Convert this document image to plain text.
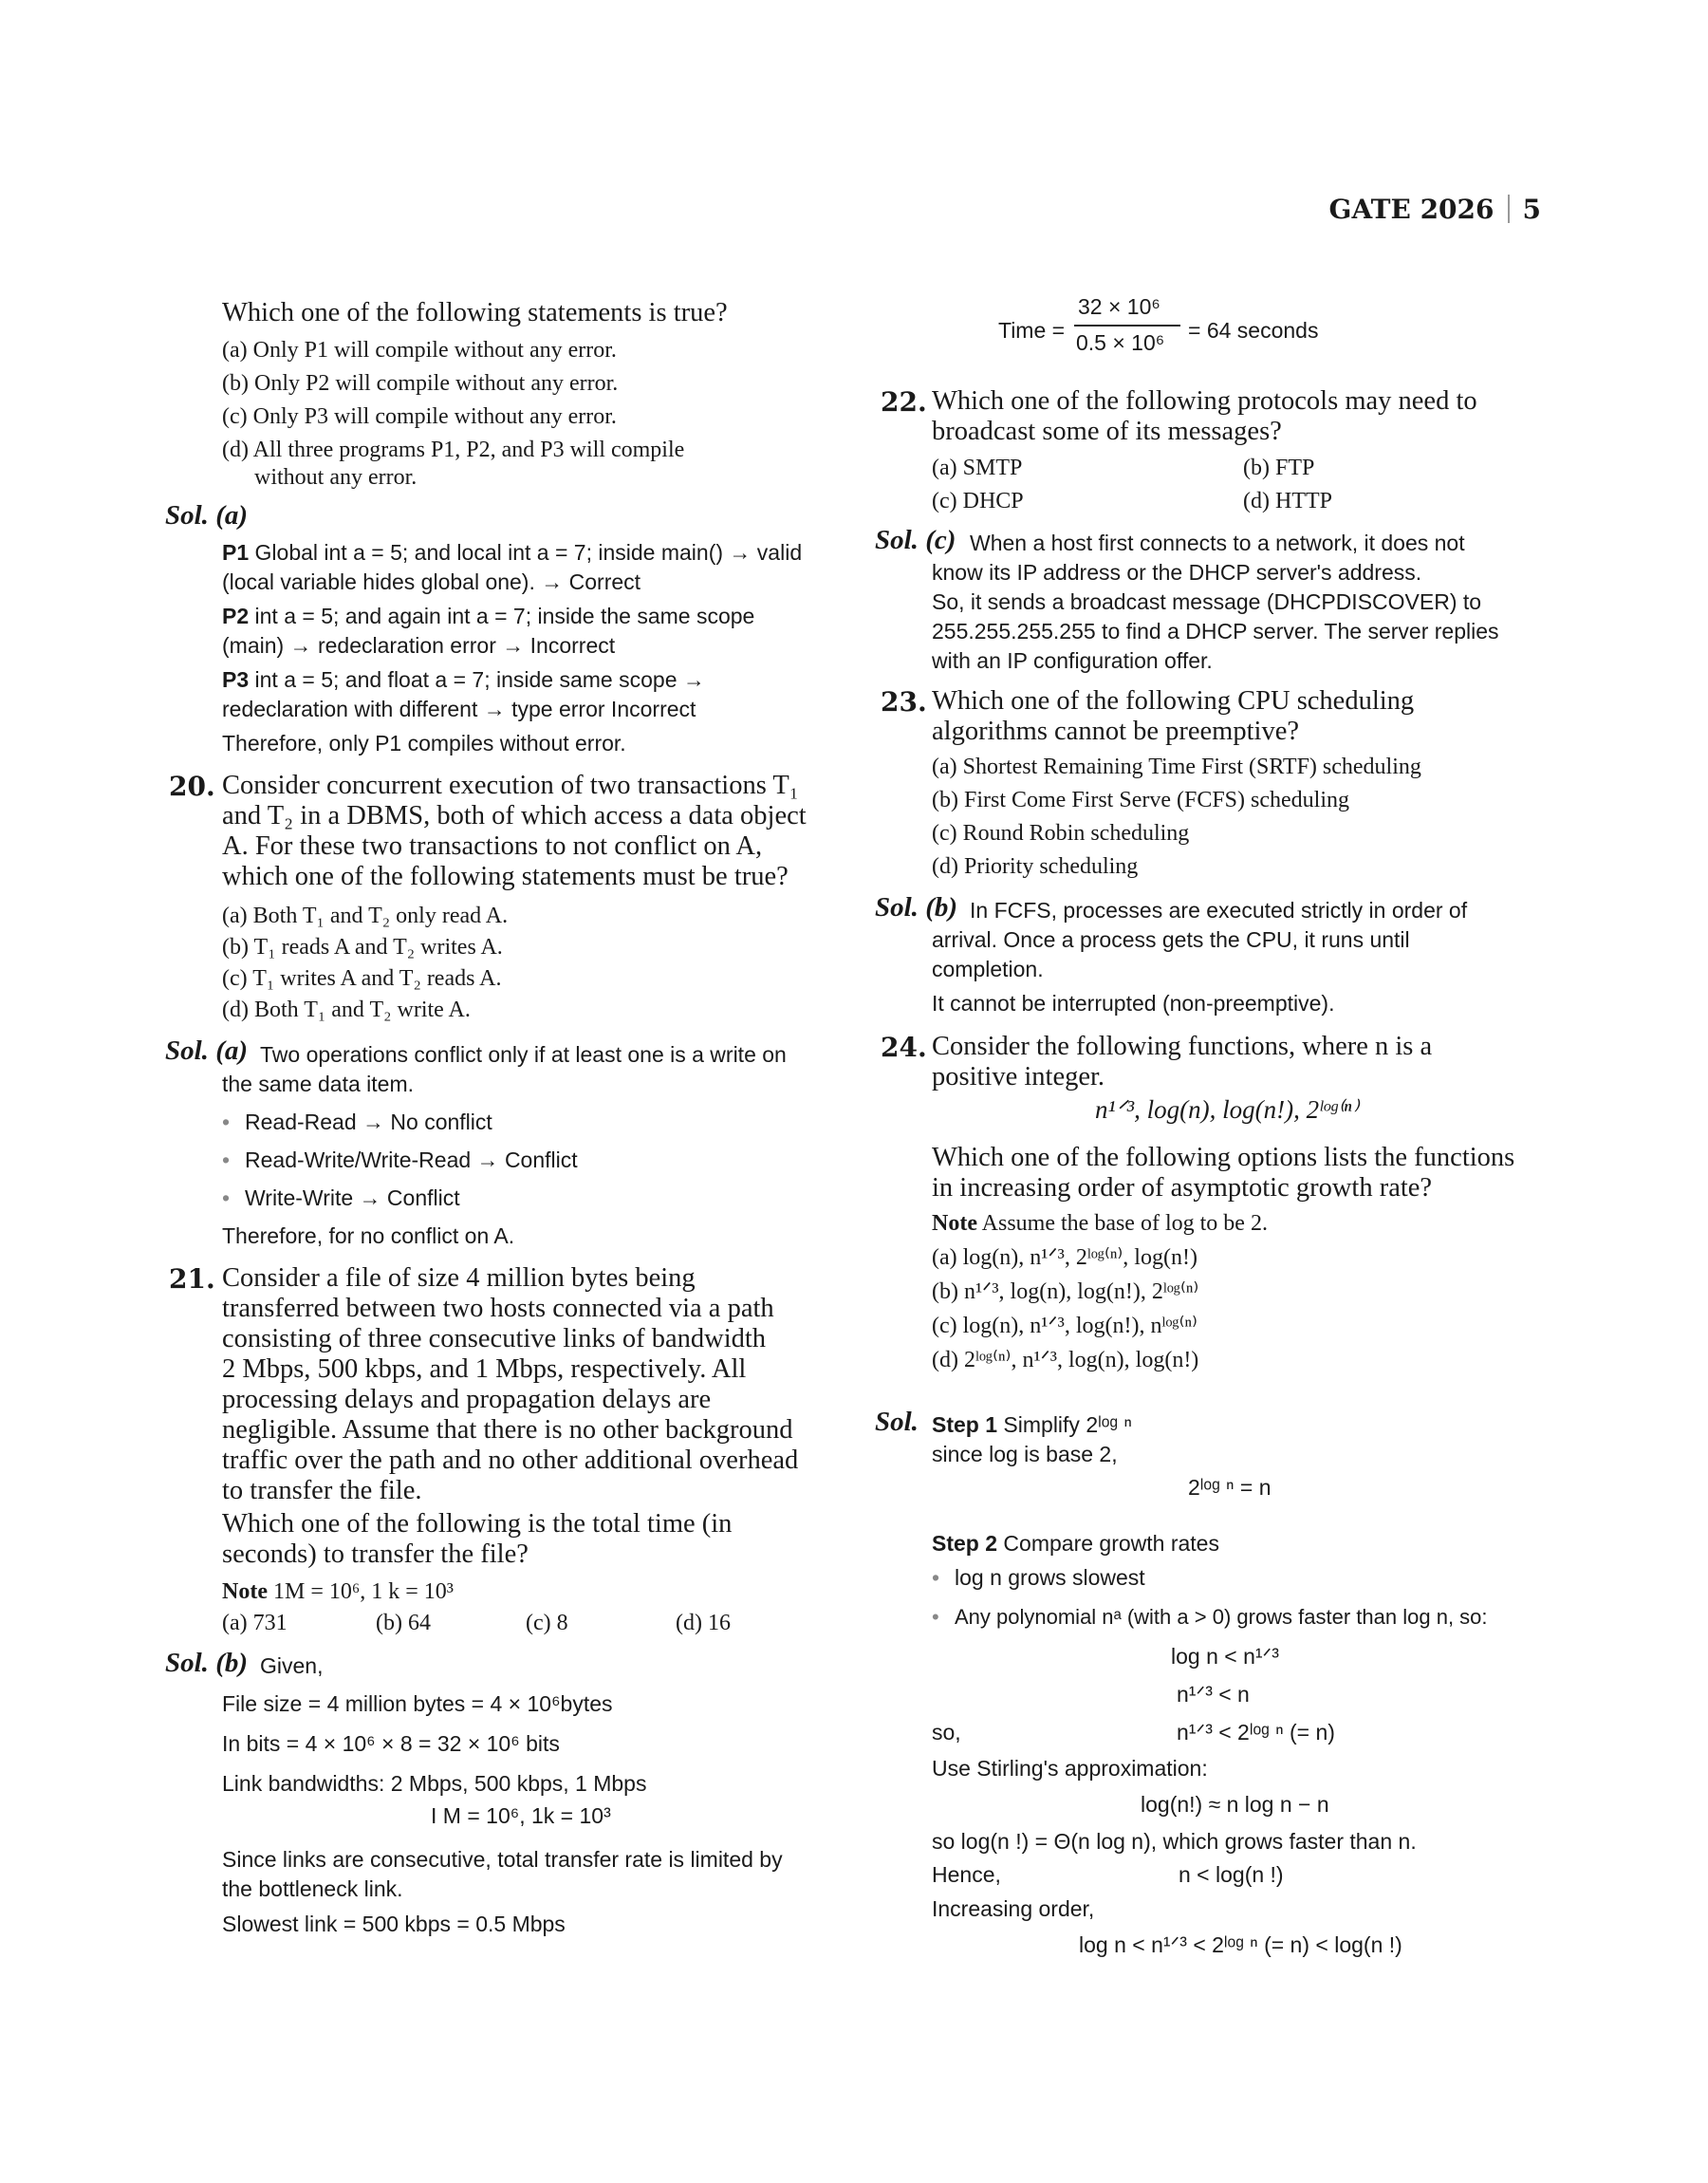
GATE 2026 5
Which one of the following statements is true?
(a) Only P1 will compile without any error.
(b) Only P2 will compile without any error.
(c) Only P3 will compile without any error.
(d) All three programs P1, P2, and P3 will compile
without any error.
Sol. (a)
P1 Global int a = 5; and local int a = 7; inside main() → valid
(local variable hides global one). → Correct
P2 int a = 5; and again int a = 7; inside the same scope
(main) → redeclaration error → Incorrect
P3 int a = 5; and float a = 7; inside same scope →
redeclaration with different → type error Incorrect
Therefore, only P1 compiles without error.
20. Consider concurrent execution of two transactions T₁
and T₂ in a DBMS, both of which access a data object
A. For these two transactions to not conflict on A,
which one of the following statements must be true?
(a) Both T₁ and T₂ only read A.
(b) T₁ reads A and T₂ writes A.
(c) T₁ writes A and T₂ reads A.
(d) Both T₁ and T₂ write A.
Sol. (a) Two operations conflict only if at least one is a write on
the same data item.
• Read-Read → No conflict
• Read-Write/Write-Read → Conflict
• Write-Write → Conflict
Therefore, for no conflict on A.
21. Consider a file of size 4 million bytes being
transferred between two hosts connected via a path
consisting of three consecutive links of bandwidth
2 Mbps, 500 kbps, and 1 Mbps, respectively. All
processing delays and propagation delays are
negligible. Assume that there is no other background
traffic over the path and no other additional overhead
to transfer the file.
Which one of the following is the total time (in
seconds) to transfer the file?
Note 1M = 10⁶, 1 k = 10³
(a) 731	(b) 64	(c) 8	(d) 16
Sol. (b) Given,
File size = 4 million bytes = 4 × 10⁶bytes
In bits = 4 × 10⁶ × 8 = 32 × 10⁶ bits
Link bandwidths: 2 Mbps, 500 kbps, 1 Mbps
I M = 10⁶, 1k = 10³
Since links are consecutive, total transfer rate is limited by
the bottleneck link.
Slowest link = 500 kbps = 0.5 Mbps
Time =
32 × 10⁶
0.5 × 10⁶ = 64 seconds
22. Which one of the following protocols may need to
broadcast some of its messages?
(a) SMTP	(b) FTP
(c) DHCP	(d) HTTP
Sol. (c) When a host first connects to a network, it does not
know its IP address or the DHCP server's address.
So, it sends a broadcast message (DHCPDISCOVER) to
255.255.255.255 to find a DHCP server. The server replies
with an IP configuration offer.
23. Which one of the following CPU scheduling
algorithms cannot be preemptive?
(a) Shortest Remaining Time First (SRTF) scheduling
(b) First Come First Serve (FCFS) scheduling
(c) Round Robin scheduling
(d) Priority scheduling
Sol. (b) In FCFS, processes are executed strictly in order of
arrival. Once a process gets the CPU, it runs until
completion.
It cannot be interrupted (non-preemptive).
24. Consider the following functions, where n is a
positive integer.
n¹ᐟ³, log(n), log(n!), 2ˡᵒᵍ⁽ⁿ⁾
Which one of the following options lists the functions
in increasing order of asymptotic growth rate?
Note Assume the base of log to be 2.
(a) log(n), n¹ᐟ³, 2ˡᵒᵍ⁽ⁿ⁾, log(n!)
(b) n¹ᐟ³, log(n), log(n!), 2ˡᵒᵍ⁽ⁿ⁾
(c) log(n), n¹ᐟ³, log(n!), nˡᵒᵍ⁽ⁿ⁾
(d) 2ˡᵒᵍ⁽ⁿ⁾, n¹ᐟ³, log(n), log(n!)
Sol. Step 1 Simplify 2ˡᵒᵍ ⁿ
since log is base 2,
2ˡᵒᵍ ⁿ = n
Step 2 Compare growth rates
• log n grows slowest
• Any polynomial nᵃ (with a > 0) grows faster than log n, so:
log n < n¹ᐟ³
n¹ᐟ³ < n
so,	n¹ᐟ³ < 2ˡᵒᵍ ⁿ (= n)
Use Stirling's approximation:
log(n!) ≈ n log n − n
so log(n !) = Θ(n log n), which grows faster than n.
Hence,	n < log(n !)
Increasing order,
log n < n¹ᐟ³ < 2ˡᵒᵍ ⁿ (= n) < log(n !)
